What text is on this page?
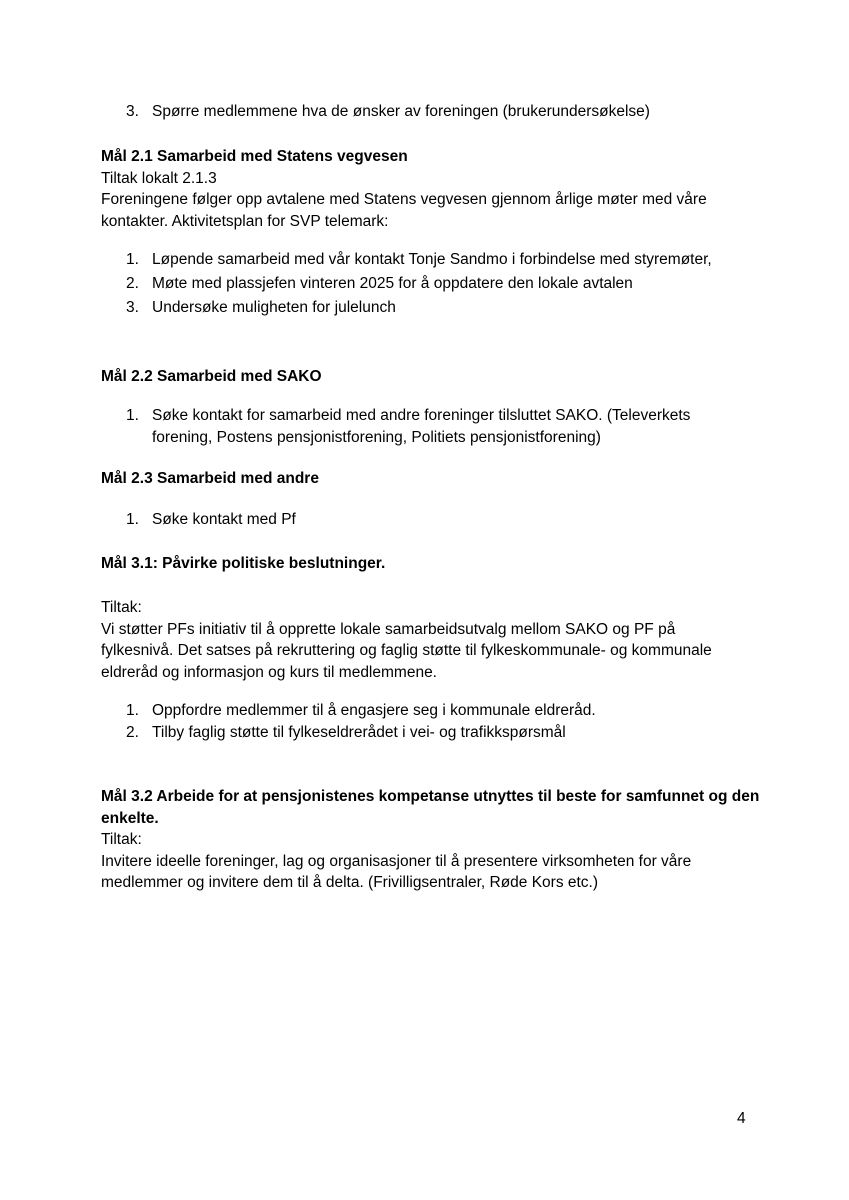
3. Spørre medlemmene hva de ønsker av foreningen (brukerundersøkelse)
Mål 2.1 Samarbeid med Statens vegvesen
Tiltak lokalt 2.1.3
Foreningene følger opp avtalene med Statens vegvesen gjennom årlige møter med våre
kontakter. Aktivitetsplan for SVP telemark:
1. Løpende samarbeid med vår kontakt Tonje Sandmo i forbindelse med styremøter,
2. Møte med plassjefen vinteren 2025 for å oppdatere den lokale avtalen
3. Undersøke muligheten for julelunch
Mål 2.2 Samarbeid med SAKO
1. Søke kontakt for samarbeid med andre foreninger tilsluttet SAKO. (Televerkets
forening, Postens pensjonistforening, Politiets pensjonistforening)
Mål 2.3 Samarbeid med andre
1. Søke kontakt med Pf
Mål 3.1: Påvirke politiske beslutninger.
Tiltak:
Vi støtter PFs initiativ til å opprette lokale samarbeidsutvalg mellom SAKO og PF på
fylkesnivå. Det satses på rekruttering og faglig støtte til fylkeskommunale- og kommunale
eldreråd og informasjon og kurs til medlemmene.
1. Oppfordre medlemmer til å engasjere seg i kommunale eldreråd.
2. Tilby faglig støtte til fylkeseldrerådet i vei- og trafikkspørsmål
Mål 3.2 Arbeide for at pensjonistenes kompetanse utnyttes til beste for samfunnet og den
enkelte.
Tiltak:
Invitere ideelle foreninger, lag og organisasjoner til å presentere virksomheten for våre
medlemmer og invitere dem til å delta. (Frivilligsentraler, Røde Kors etc.)
4
